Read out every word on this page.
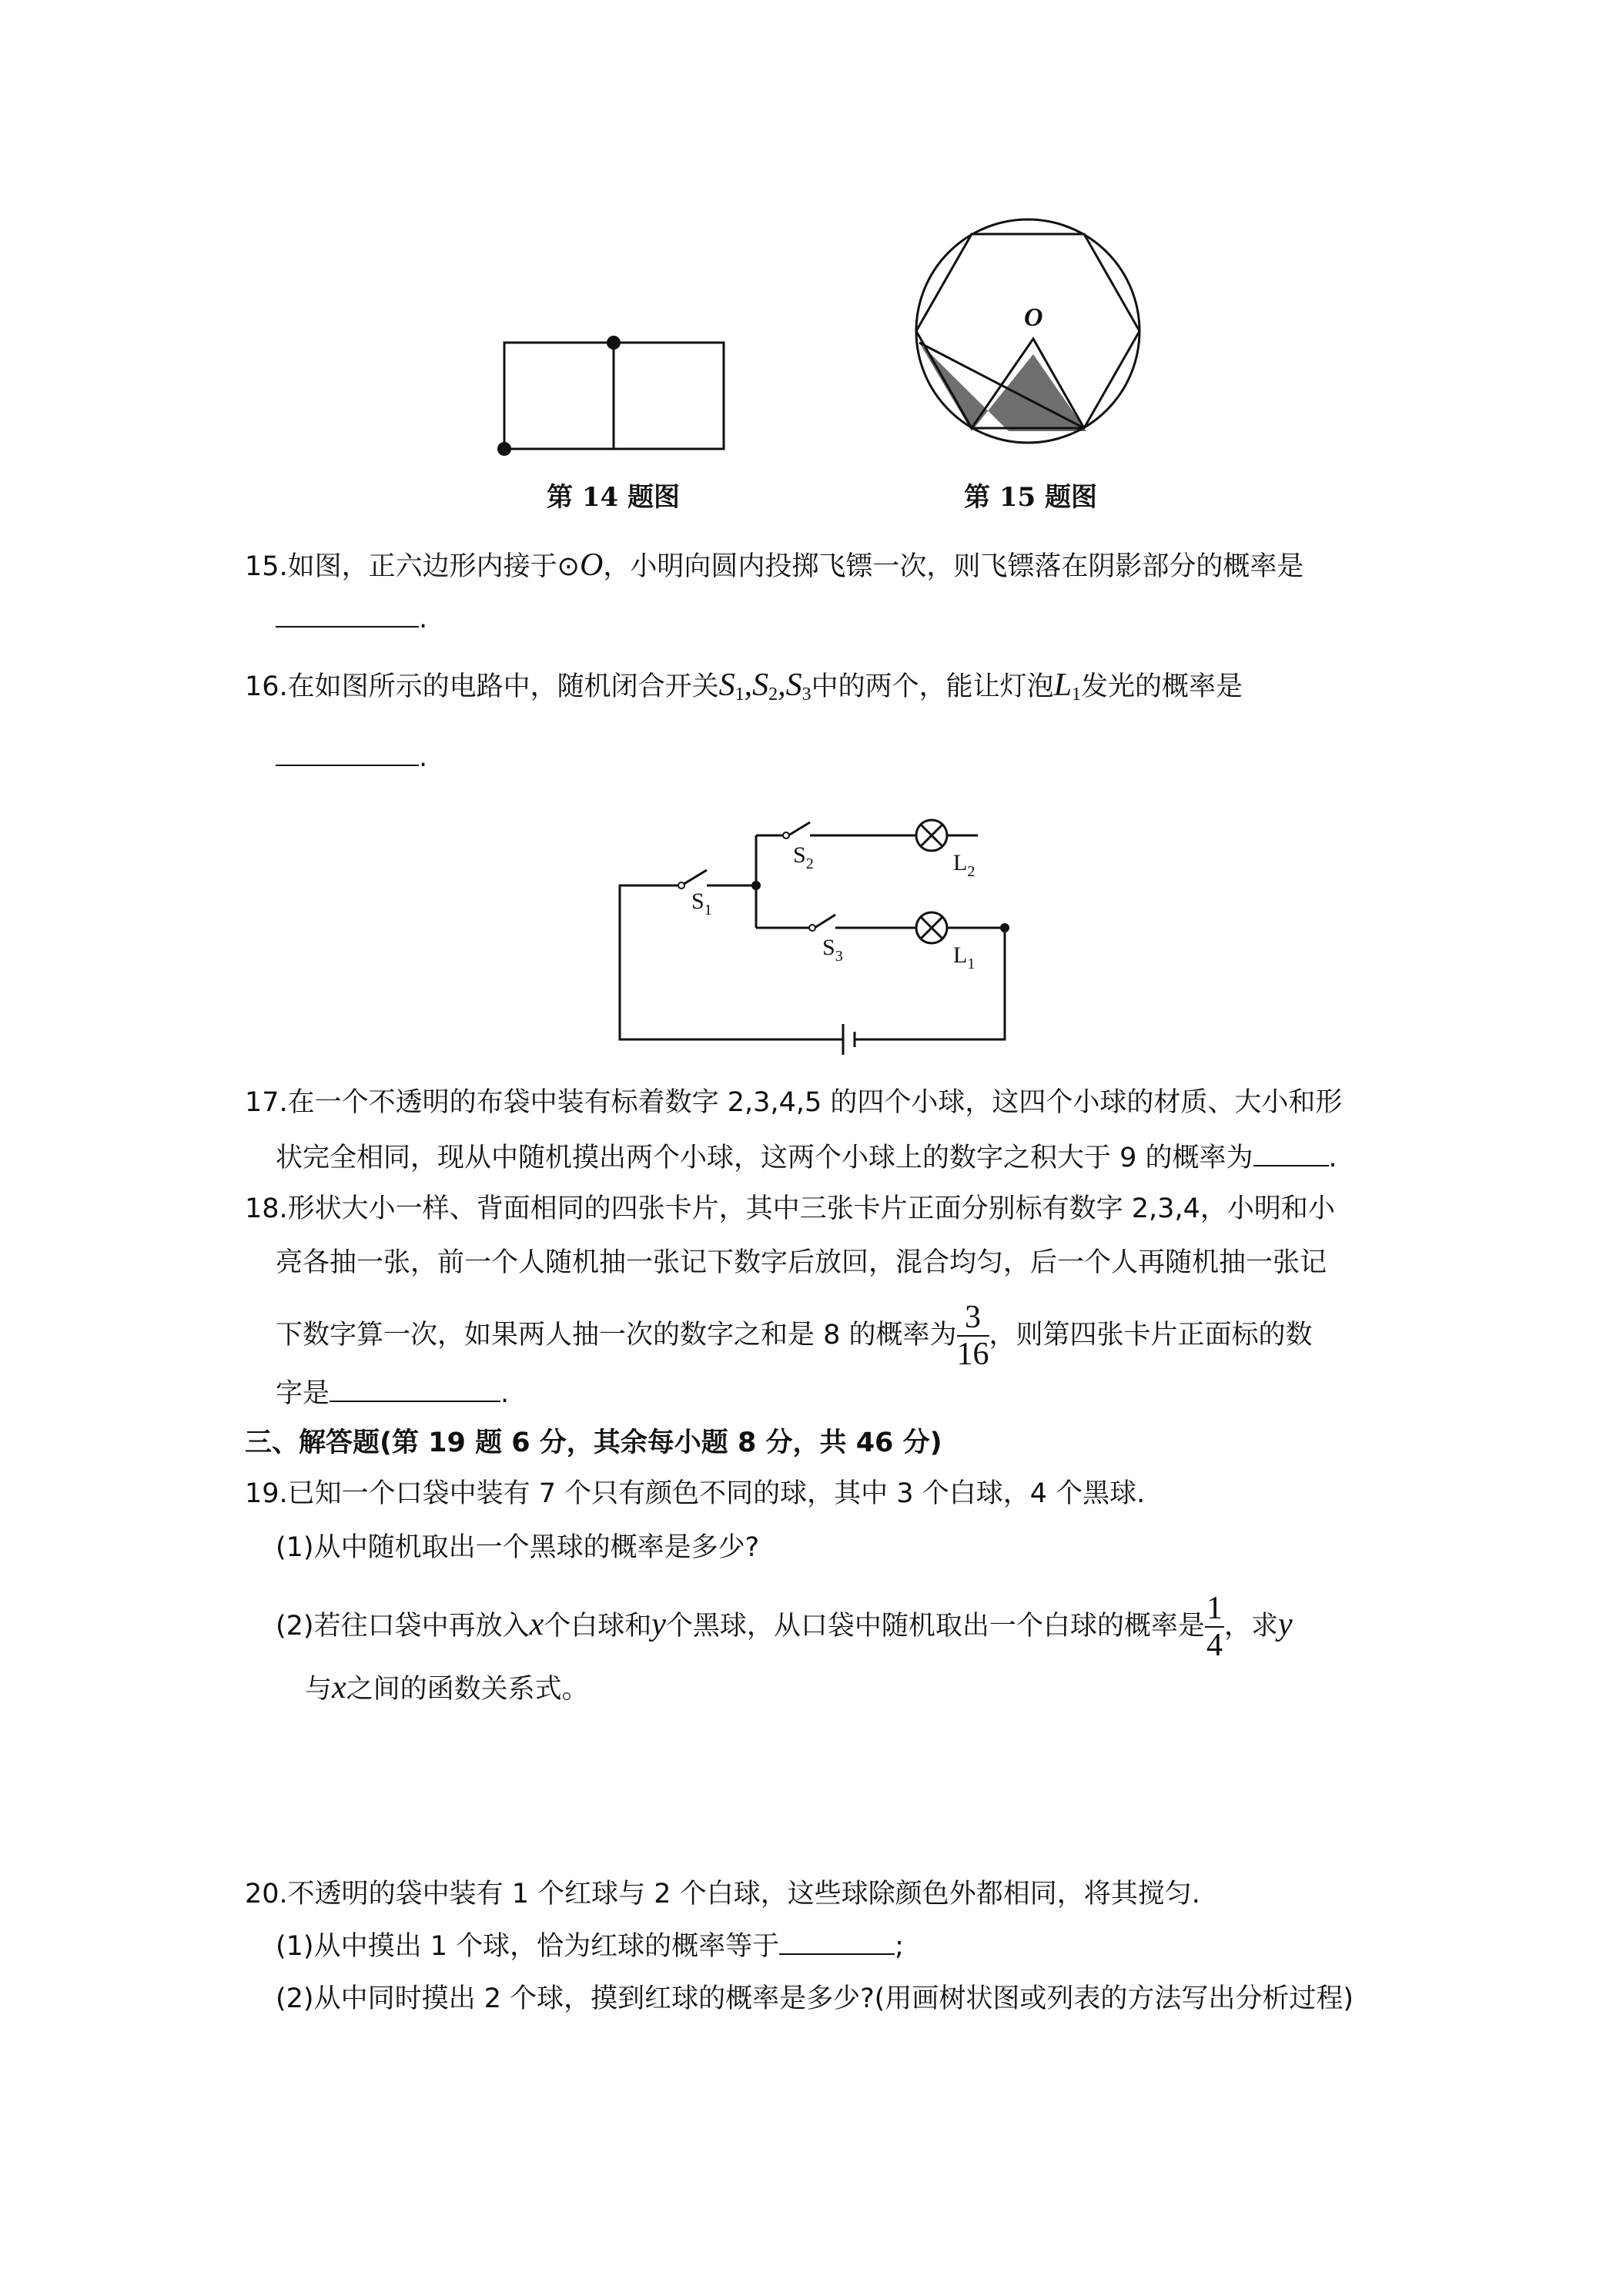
第 14 题图
O
第 15 题图
15.如图，正六边形内接于⊙O，小明向圆内投掷飞镖一次，则飞镖落在阴影部分的概率是
.
16.在如图所示的电路中，随机闭合开关$S_1,S_2,S_3$中的两个，能让灯泡$L_1$发光的概率是
.
$S_1$
$S_2$
$S_3$
$L_2$
$L_1$
17.在一个不透明的布袋中装有标着数字 2,3,4,5 的四个小球，这四个小球的材质、大小和形
状完全相同，现从中随机摸出两个小球，这两个小球上的数字之积大于 9 的概率为	.
18.形状大小一样、背面相同的四张卡片，其中三张卡片正面分别标有数字 2,3,4，小明和小
亮各抽一张，前一个人随机抽一张记下数字后放回，混合均匀，后一个人再随机抽一张记
下数字算一次，如果两人抽一次的数字之和是 8 的概率为 $\frac{3}{16}$ ，则第四张卡片正面标的数
字是	.
三、解答题(第 19 题 6 分，其余每小题 8 分，共 46 分)
19.已知一个口袋中装有 7 个只有颜色不同的球，其中 3 个白球，4 个黑球.
(1)从中随机取出一个黑球的概率是多少?
(2)若往口袋中再放入x个白球和y个黑球，从口袋中随机取出一个白球的概率是 $\frac{1}{4}$ ，求y
与x之间的函数关系式。
20.不透明的袋中装有 1 个红球与 2 个白球，这些球除颜色外都相同，将其搅匀.
(1)从中摸出 1 个球，恰为红球的概率等于	;
(2)从中同时摸出 2 个球，摸到红球的概率是多少?(用画树状图或列表的方法写出分析过程)
